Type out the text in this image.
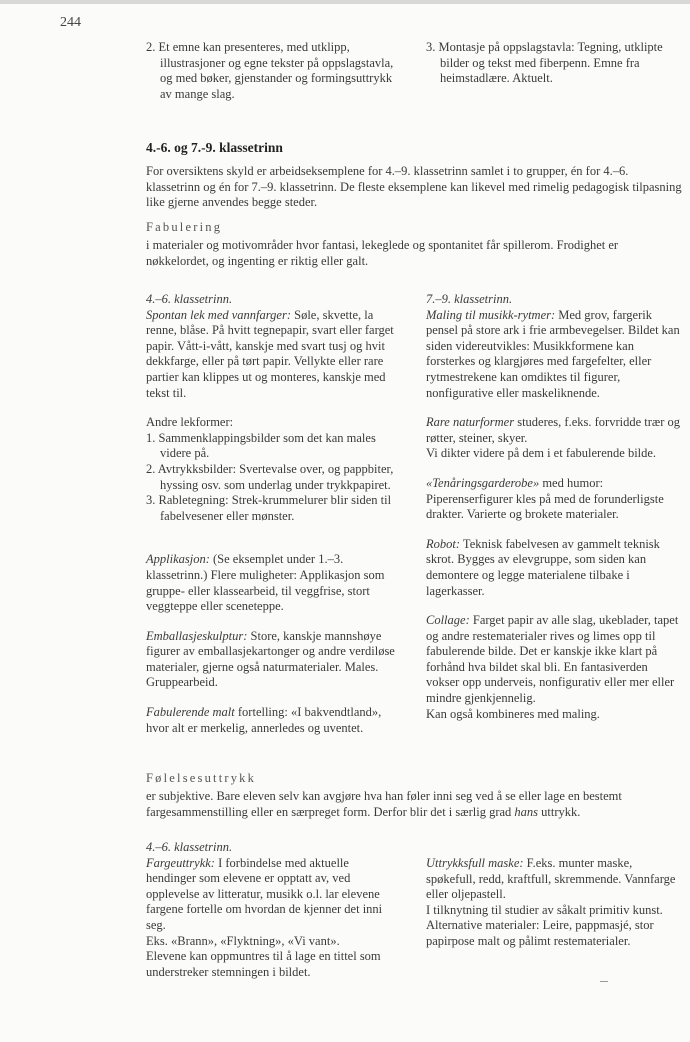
244

2. Et emne kan presenteres, med utklipp, illustrasjoner og egne tekster på oppslagstavla, og med bøker, gjenstander og formingsuttrykk av mange slag.

3. Montasje på oppslagstavla: Tegning, utklipte bilder og tekst med fiberpenn. Emne fra heimstadlære. Aktuelt.

4.-6. og 7.-9. klassetrinn

For oversiktens skyld er arbeidseksemplene for 4.–9. klassetrinn samlet i to grupper, én for 4.–6. klassetrinn og én for 7.–9. klassetrinn. De fleste eksemplene kan likevel med rimelig pedagogisk tilpasning like gjerne anvendes begge steder.

Fabulering

i materialer og motivområder hvor fantasi, lekeglede og spontanitet får spillerom. Frodighet er nøkkelordet, og ingenting er riktig eller galt.

4.–6. klassetrinn.

Spontan lek med vannfarger: Søle, skvette, la renne, blåse. På hvitt tegnepapir, svart eller farget papir. Vått-i-vått, kanskje med svart tusj og hvit dekkfarge, eller på tørt papir. Vellykte eller rare partier kan klippes ut og monteres, kanskje med tekst til.

Andre lekformer:

1. Sammenklappingsbilder som det kan males videre på.

2. Avtrykksbilder: Svertevalse over, og pappbiter, hyssing osv. som underlag under trykkpapiret.

3. Rabletegning: Strek-krummelurer blir siden til fabelvesener eller mønster.

Applikasjon: (Se eksemplet under 1.–3. klassetrinn.) Flere muligheter: Applikasjon som gruppe- eller klassearbeid, til veggfrise, stort veggteppe eller sceneteppe.

Emballasjeskulptur: Store, kanskje mannshøye figurer av emballasjekartonger og andre verdiløse materialer, gjerne også naturmaterialer. Males. Gruppearbeid.

Fabulerende malt fortelling: «I bakvendtland», hvor alt er merkelig, annerledes og uventet.

7.–9. klassetrinn.

Maling til musikk-rytmer: Med grov, fargerik pensel på store ark i frie armbevegelser. Bildet kan siden videreutvikles: Musikkformene kan forsterkes og klargjøres med fargefelter, eller rytmestrekene kan omdiktes til figurer, nonfigurative eller maskeliknende.

Rare naturformer studeres, f.eks. forvridde trær og røtter, steiner, skyer.

Vi dikter videre på dem i et fabulerende bilde.

«Tenåringsgarderobe» med humor: Piperenserfigurer kles på med de forunderligste drakter. Varierte og brokete materialer.

Robot: Teknisk fabelvesen av gammelt teknisk skrot. Bygges av elevgruppe, som siden kan demontere og legge materialene tilbake i lagerkasser.

Collage: Farget papir av alle slag, ukeblader, tapet og andre restematerialer rives og limes opp til fabulerende bilde. Det er kanskje ikke klart på forhånd hva bildet skal bli. En fantasiverden vokser opp underveis, nonfigurativ eller mer eller mindre gjenkjennelig.

Kan også kombineres med maling.

Følelsesuttrykk

er subjektive. Bare eleven selv kan avgjøre hva han føler inni seg ved å se eller lage en bestemt fargesammenstilling eller en særpreget form. Derfor blir det i særlig grad hans uttrykk.

4.–6. klassetrinn.

Fargeuttrykk: I forbindelse med aktuelle hendinger som elevene er opptatt av, ved opplevelse av litteratur, musikk o.l. lar elevene fargene fortelle om hvordan de kjenner det inni seg.

Eks. «Brann», «Flyktning», «Vi vant».

Elevene kan oppmuntres til å lage en tittel som understreker stemningen i bildet.

Uttrykksfull maske: F.eks. munter maske, spøkefull, redd, kraftfull, skremmende. Vannfarge eller oljepastell.

I tilknytning til studier av såkalt primitiv kunst.

Alternative materialer: Leire, pappmasjé, stor papirpose malt og pålimt restematerialer.
